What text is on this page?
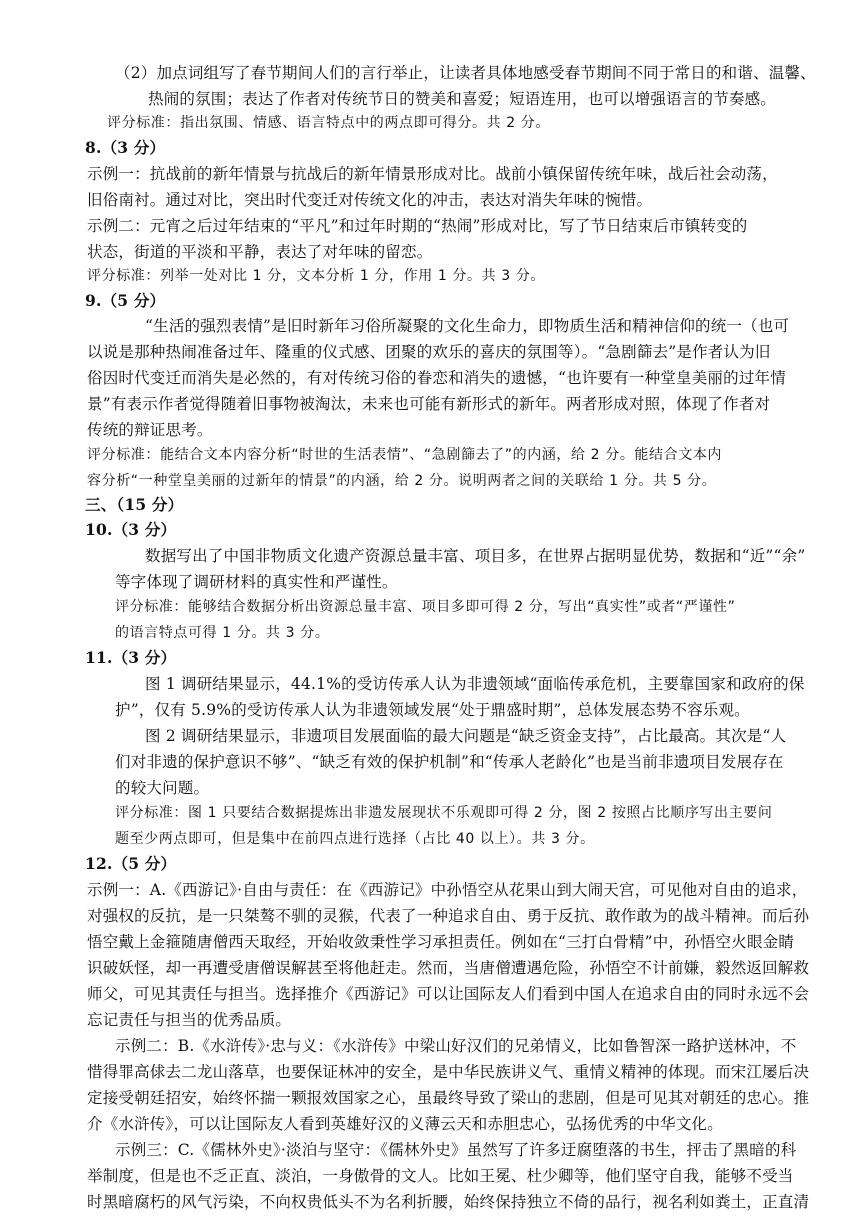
（2）加点词组写了春节期间人们的言行举止，让读者具体地感受春节期间不同于常日的和谐、温馨、
热闹的氛围；表达了作者对传统节日的赞美和喜爱；短语连用，也可以增强语言的节奏感。
评分标准：指出氛围、情感、语言特点中的两点即可得分。共 2 分。
8.（3 分）
示例一：抗战前的新年情景与抗战后的新年情景形成对比。战前小镇保留传统年味，战后社会动荡，
旧俗南衬。通过对比，突出时代变迁对传统文化的冲击，表达对消失年味的惋惜。
示例二：元宵之后过年结束的“平凡”和过年时期的“热闹”形成对比，写了节日结束后市镇转变的
状态，街道的平淡和平静，表达了对年味的留恋。
评分标准：列举一处对比 1 分，文本分析 1 分，作用 1 分。共 3 分。
9.（5 分）
“生活的强烈表情”是旧时新年习俗所凝聚的文化生命力，即物质生活和精神信仰的统一（也可
以说是那种热闹准备过年、隆重的仪式感、团聚的欢乐的喜庆的氛围等）。“急剧篩去”是作者认为旧
俗因时代变迁而消失是必然的，有对传统习俗的眷恋和消失的遗憾，“也许要有一种堂皇美丽的过年情
景”有表示作者觉得随着旧事物被淘汰，未来也可能有新形式的新年。两者形成对照，体现了作者对
传统的辩证思考。
评分标准：能结合文本内容分析“时世的生活表情”、“急剧篩去了”的内涵，给 2 分。能结合文本内
容分析“一种堂皇美丽的过新年的情景”的内涵，给 2 分。说明两者之间的关联给 1 分。共 5 分。
三、（15 分）
10.（3 分）
数据写出了中国非物质文化遗产资源总量丰富、项目多，在世界占据明显优势，数据和“近”“余”
等字体现了调研材料的真实性和严谨性。
评分标准：能够结合数据分析出资源总量丰富、项目多即可得 2 分，写出“真实性”或者“严谨性”
的语言特点可得 1 分。共 3 分。
11.（3 分）
图 1 调研结果显示，44.1%的受访传承人认为非遗领域“面临传承危机，主要靠国家和政府的保
护”，仅有 5.9%的受访传承人认为非遗领域发展“处于鼎盛时期”，总体发展态势不容乐观。
图 2 调研结果显示，非遗项目发展面临的最大问题是“缺乏资金支持”，占比最高。其次是“人
们对非遗的保护意识不够”、“缺乏有效的保护机制”和“传承人老龄化”也是当前非遗项目发展存在
的较大问题。
评分标准：图 1 只要结合数据提炼出非遗发展现状不乐观即可得 2 分，图 2 按照占比顺序写出主要问
题至少两点即可，但是集中在前四点进行选择（占比 40 以上）。共 3 分。
12.（5 分）
示例一：A.《西游记》·自由与责任：在《西游记》中孙悟空从花果山到大闹天宫，可见他对自由的追求，
对强权的反抗，是一只桀骜不驯的灵猴，代表了一种追求自由、勇于反抗、敢作敢为的战斗精神。而后孙
悟空戴上金箍随唐僧西天取经，开始收敛秉性学习承担责任。例如在“三打白骨精”中，孙悟空火眼金睛
识破妖怪，却一再遭受唐僧误解甚至将他赶走。然而，当唐僧遭遇危险，孙悟空不计前嫌，毅然返回解救
师父，可见其责任与担当。选择推介《西游记》可以让国际友人们看到中国人在追求自由的同时永远不会
忘记责任与担当的优秀品质。
示例二：B.《水浒传》·忠与义：《水浒传》中梁山好汉们的兄弟情义，比如鲁智深一路护送林冲，不
惜得罪高俅去二龙山落草，也要保证林冲的安全，是中华民族讲义气、重情义精神的体现。而宋江屡后决
定接受朝廷招安，始终怀揣一颗报效国家之心，虽最终导致了梁山的悲剧，但是可见其对朝廷的忠心。推
介《水浒传》，可以让国际友人看到英雄好汉的义薄云天和赤胆忠心，弘扬优秀的中华文化。
示例三：C.《儒林外史》·淡泊与坚守：《儒林外史》虽然写了许多迂腐堕落的书生，抨击了黑暗的科
举制度，但是也不乏正直、淡泊，一身傲骨的文人。比如王冕、杜少卿等，他们坚守自我，能够不受当
时黑暗腐朽的风气污染，不向权贵低头不为名利折腰，始终保持独立不倚的品行，视名利如粪土，正直清
